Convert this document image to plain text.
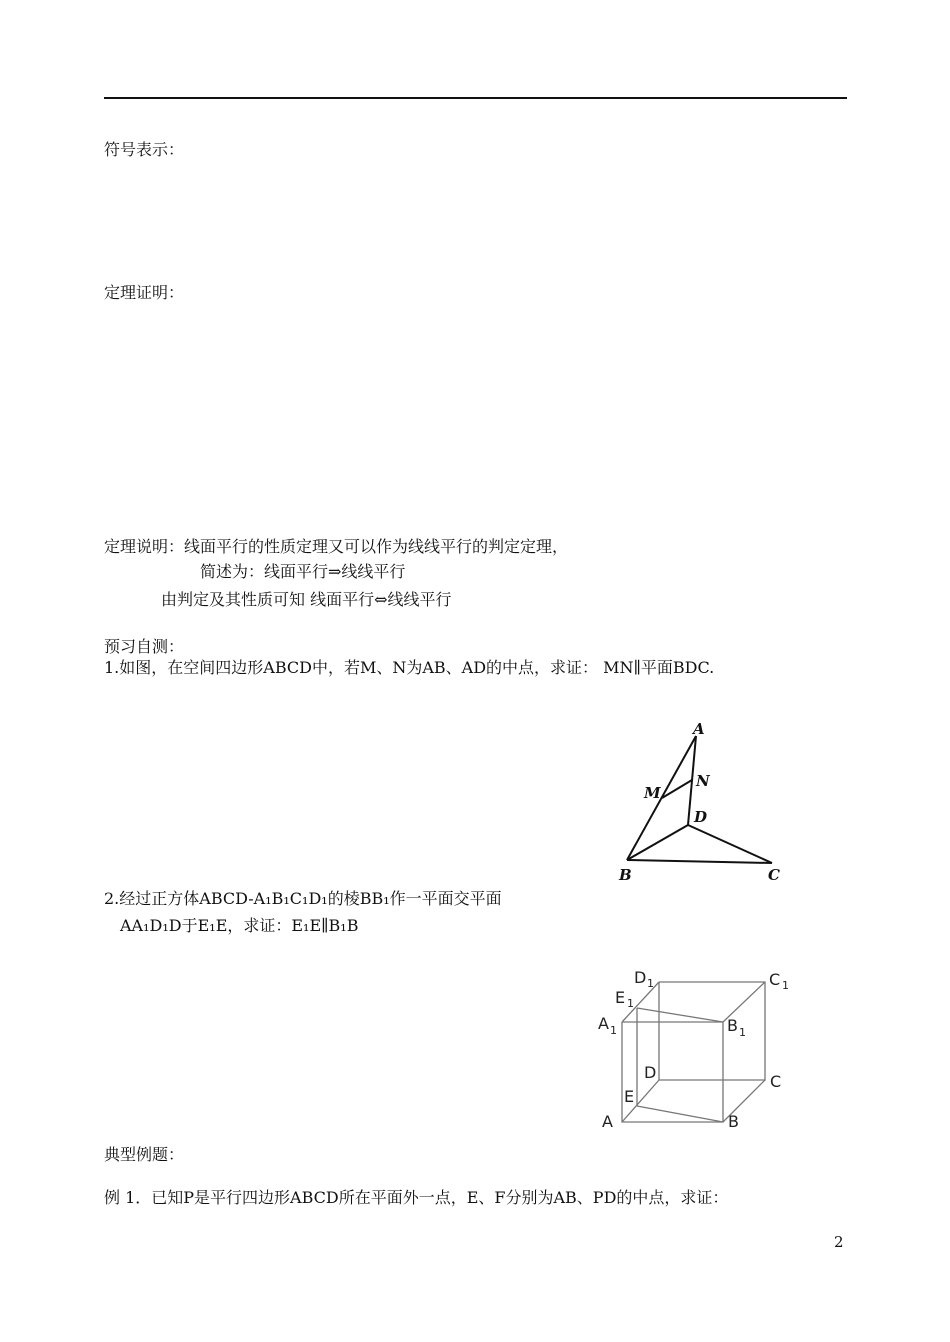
符号表示：
定理证明：
定理说明：线面平行的性质定理又可以作为线线平行的判定定理，
简述为：线面平行⇒线线平行
由判定及其性质可知 线面平行⇔线线平行
预习自测：
1.如图，在空间四边形ABCD中，若M、N为AB、AD的中点，求证： MN∥平面BDC.
A
N
M
D
B	C
2.经过正方体ABCD-A₁B₁C₁D₁的棱BB₁作一平面交平面
AA₁D₁D于E₁E，求证：E₁E∥B₁B
D 1	C 1
E 1
A 1	B 1
D	C
E
A	B
典型例题：
例 1．已知P是平行四边形ABCD所在平面外一点，E、F分别为AB、PD的中点，求证：
2
